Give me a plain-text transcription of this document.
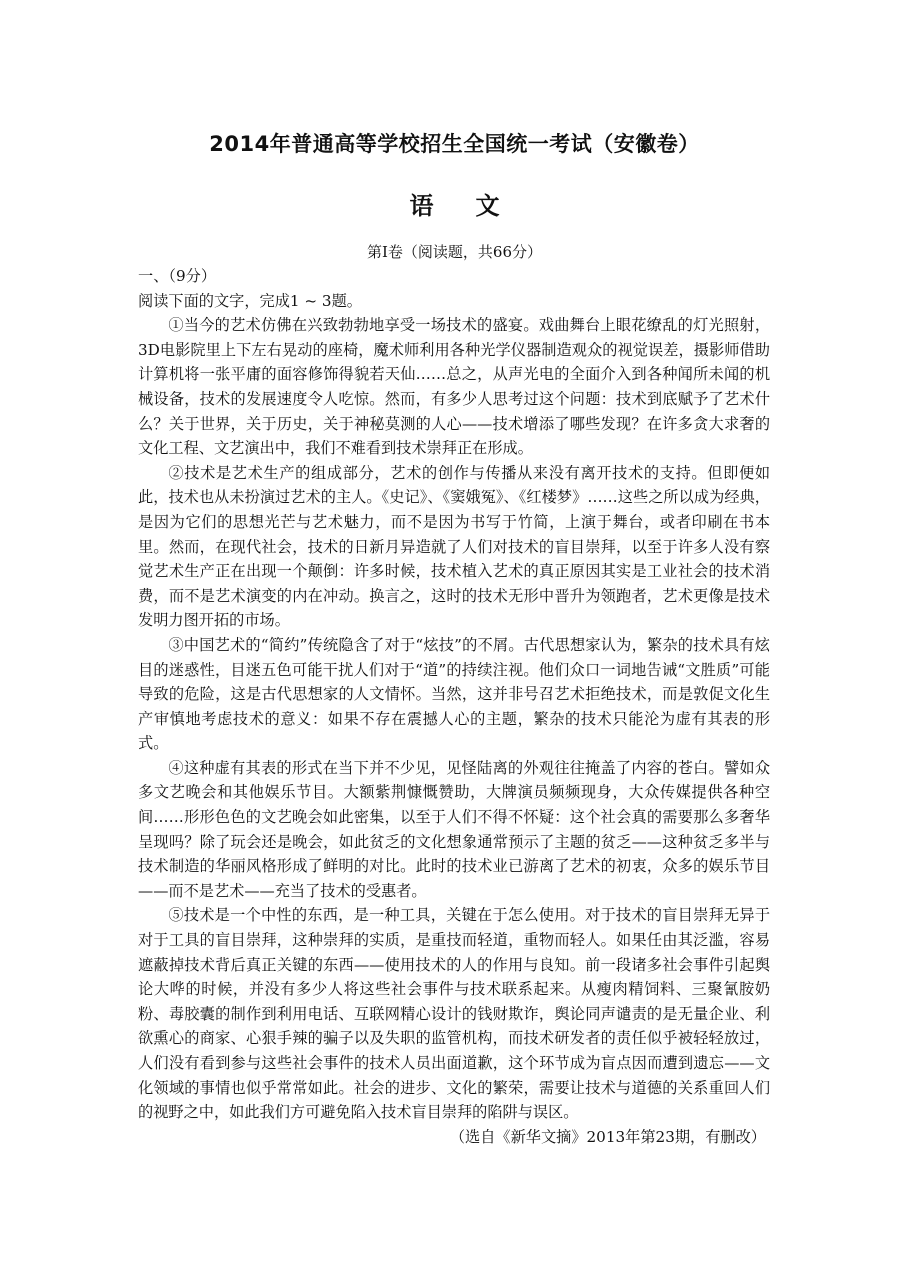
2014年普通高等学校招生全国统一考试（安徽卷）
语文
第Ⅰ卷（阅读题，共66分）

一、（9分）

阅读下面的文字，完成1 ~ 3题。

①当今的艺术仿佛在兴致勃勃地享受一场技术的盛宴。戏曲舞台上眼花缭乱的灯光照射，3D电影院里上下左右晃动的座椅，魔术师利用各种光学仪器制造观众的视觉误差，摄影师借助计算机将一张平庸的面容修饰得貌若天仙……总之，从声光电的全面介入到各种闻所未闻的机械设备，技术的发展速度令人吃惊。然而，有多少人思考过这个问题：技术到底赋予了艺术什么？关于世界，关于历史，关于神秘莫测的人心——技术增添了哪些发现？在许多贪大求奢的文化工程、文艺演出中，我们不难看到技术崇拜正在形成。

②技术是艺术生产的组成部分，艺术的创作与传播从来没有离开技术的支持。但即便如此，技术也从未扮演过艺术的主人。《史记》、《窦娥冤》、《红楼梦》……这些之所以成为经典，是因为它们的思想光芒与艺术魅力，而不是因为书写于竹简，上演于舞台，或者印刷在书本里。然而，在现代社会，技术的日新月异造就了人们对技术的盲目崇拜，以至于许多人没有察觉艺术生产正在出现一个颠倒：许多时候，技术植入艺术的真正原因其实是工业社会的技术消费，而不是艺术演变的内在冲动。换言之，这时的技术无形中晋升为领跑者，艺术更像是技术发明力图开拓的市场。

③中国艺术的“简约”传统隐含了对于“炫技”的不屑。古代思想家认为，繁杂的技术具有炫目的迷惑性，目迷五色可能干扰人们对于“道”的持续注视。他们众口一词地告诫“文胜质”可能导致的危险，这是古代思想家的人文情怀。当然，这并非号召艺术拒绝技术，而是敦促文化生产审慎地考虑技术的意义：如果不存在震撼人心的主题，繁杂的技术只能沦为虚有其表的形式。

④这种虚有其表的形式在当下并不少见，见怪陆离的外观往往掩盖了内容的苍白。譬如众多文艺晚会和其他娱乐节目。大额紫荆慷慨赞助，大牌演员频频现身，大众传媒提供各种空间……形形色色的文艺晚会如此密集，以至于人们不得不怀疑：这个社会真的需要那么多奢华呈现吗？除了玩会还是晚会，如此贫乏的文化想象通常预示了主题的贫乏——这种贫乏多半与技术制造的华丽风格形成了鲜明的对比。此时的技术业已游离了艺术的初衷，众多的娱乐节目——而不是艺术——充当了技术的受惠者。

⑤技术是一个中性的东西，是一种工具，关键在于怎么使用。对于技术的盲目崇拜无异于对于工具的盲目崇拜，这种崇拜的实质，是重技而轻道，重物而轻人。如果任由其泛滥，容易遮蔽掉技术背后真正关键的东西——使用技术的人的作用与良知。前一段诸多社会事件引起舆论大哗的时候，并没有多少人将这些社会事件与技术联系起来。从瘦肉精饲料、三聚氰胺奶粉、毒胶囊的制作到利用电话、互联网精心设计的钱财欺诈，舆论同声谴责的是无量企业、利欲熏心的商家、心狠手辣的骗子以及失职的监管机构，而技术研发者的责任似乎被轻轻放过，人们没有看到参与这些社会事件的技术人员出面道歉，这个环节成为盲点因而遭到遗忘——文化领域的事情也似乎常常如此。社会的进步、文化的繁荣，需要让技术与道德的关系重回人们的视野之中，如此我们方可避免陷入技术盲目崇拜的陷阱与误区。

（选自《新华文摘》2013年第23期，有删改）
